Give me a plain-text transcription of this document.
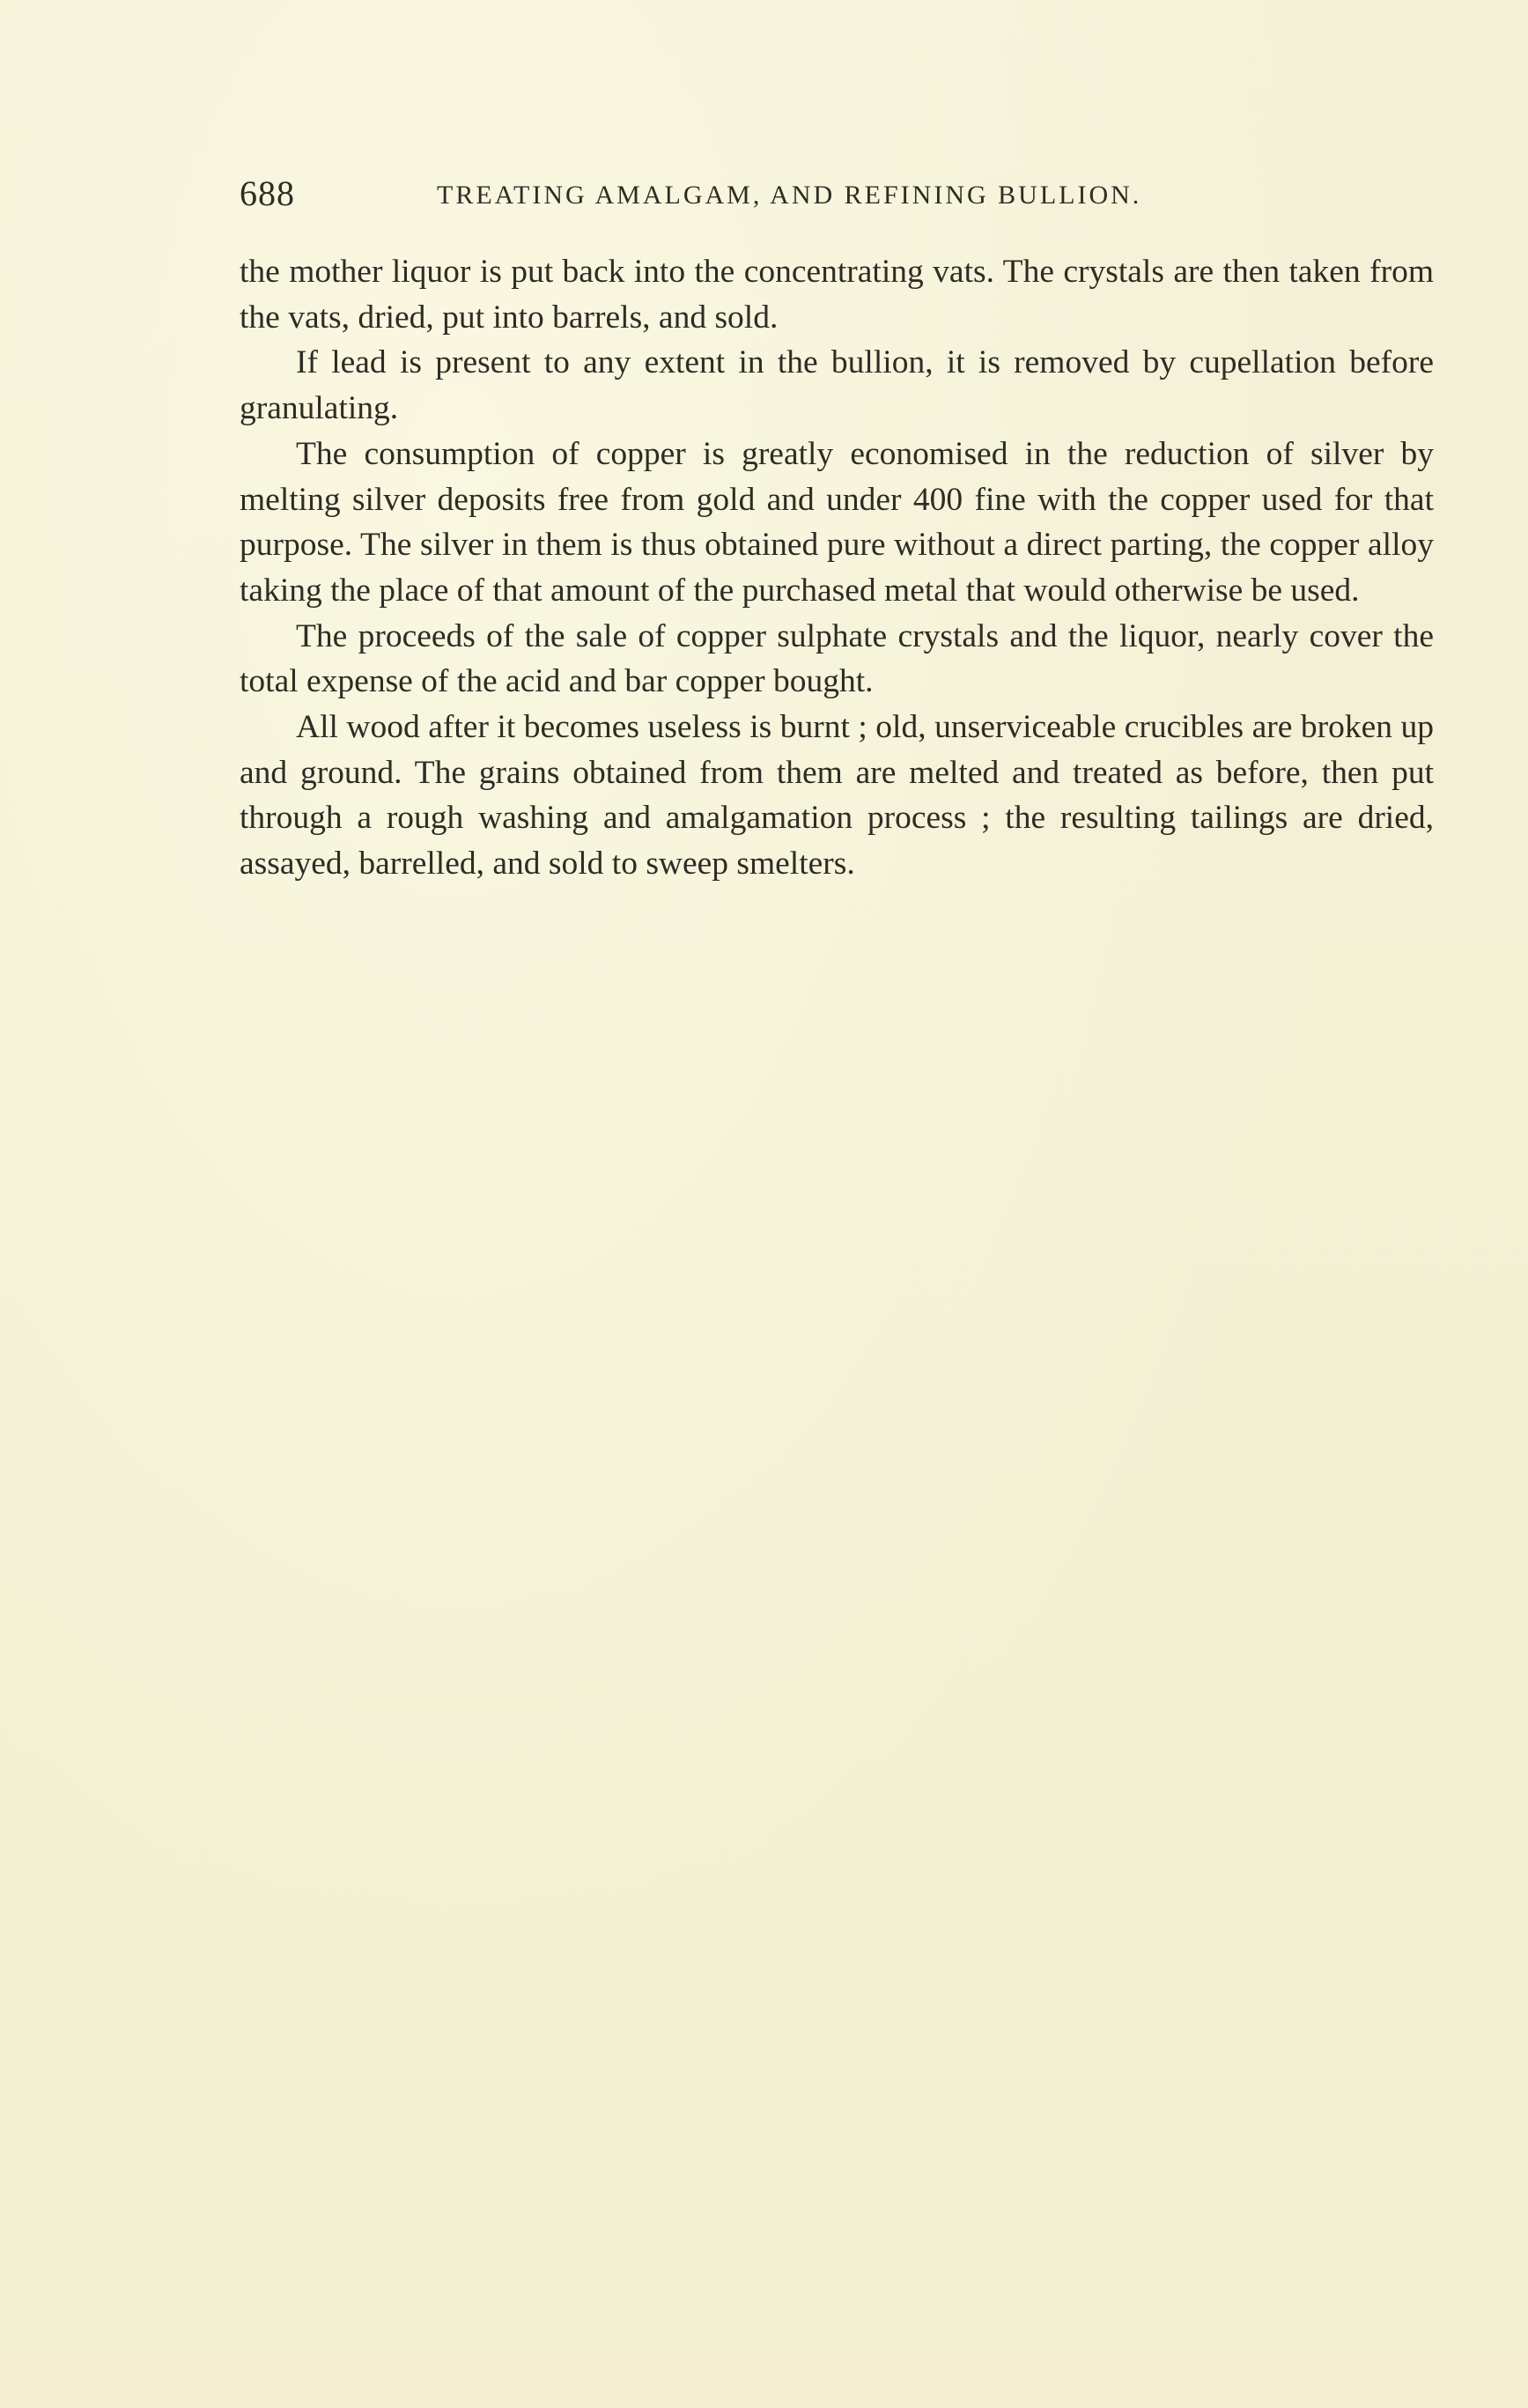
688	TREATING AMALGAM, AND REFINING BULLION.

the mother liquor is put back into the concentrating vats. The crystals are then taken from the vats, dried, put into barrels, and sold.

If lead is present to any extent in the bullion, it is removed by cupellation before granulating.

The consumption of copper is greatly economised in the reduction of silver by melting silver deposits free from gold and under 400 fine with the copper used for that purpose. The silver in them is thus obtained pure without a direct parting, the copper alloy taking the place of that amount of the purchased metal that would otherwise be used.

The proceeds of the sale of copper sulphate crystals and the liquor, nearly cover the total expense of the acid and bar copper bought.

All wood after it becomes useless is burnt ; old, unserviceable crucibles are broken up and ground. The grains obtained from them are melted and treated as before, then put through a rough washing and amalgamation process ; the resulting tailings are dried, assayed, barrelled, and sold to sweep smelters.
